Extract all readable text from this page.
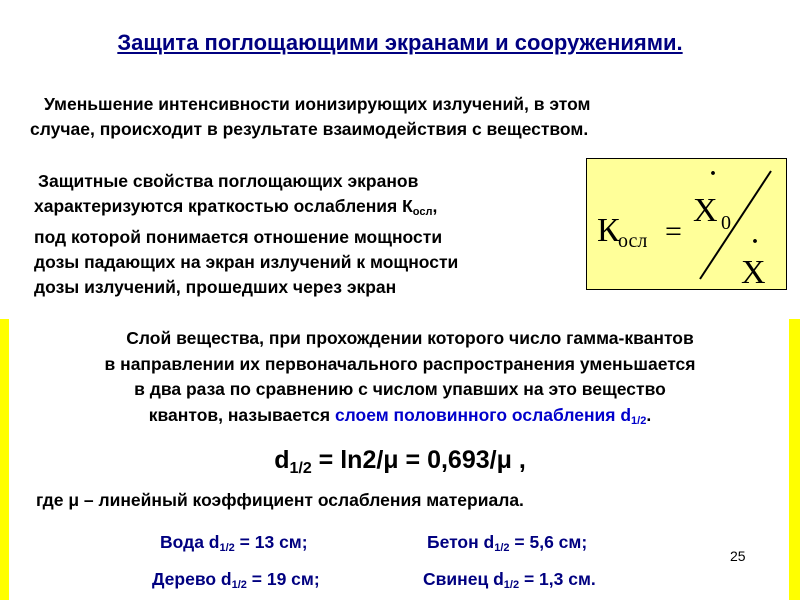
Защита поглощающими экранами и сооружениями.
Уменьшение интенсивности ионизирующих излучений, в этом
случае, происходит в результате взаимодействия с веществом.
Защитные свойства поглощающих экранов
характеризуются краткостью ослабления $К_{осл}$,
под которой понимается отношение мощности
дозы падающих на экран излучений к мощности
дозы излучений, прошедших через экран
К
осл =
·
X 0
·
X
Слой вещества, при прохождении которого число гамма-квантов
в направлении их первоначального распространения уменьшается
в два раза по сравнению с числом упавших на это вещество
квантов, называется слоем половинного ослабления $d_{1/2}$.
$d_{1/2} = \ln 2/\mu = 0,693/\mu$ ,
где μ – линейный коэффициент ослабления материала.
Вода $d_{1/2} = 13$ см;	Бетон $d_{1/2} = 5,6$ см;
Дерево $d_{1/2} = 19$ см;	Свинец $d_{1/2} = 1,3$ см.
25
